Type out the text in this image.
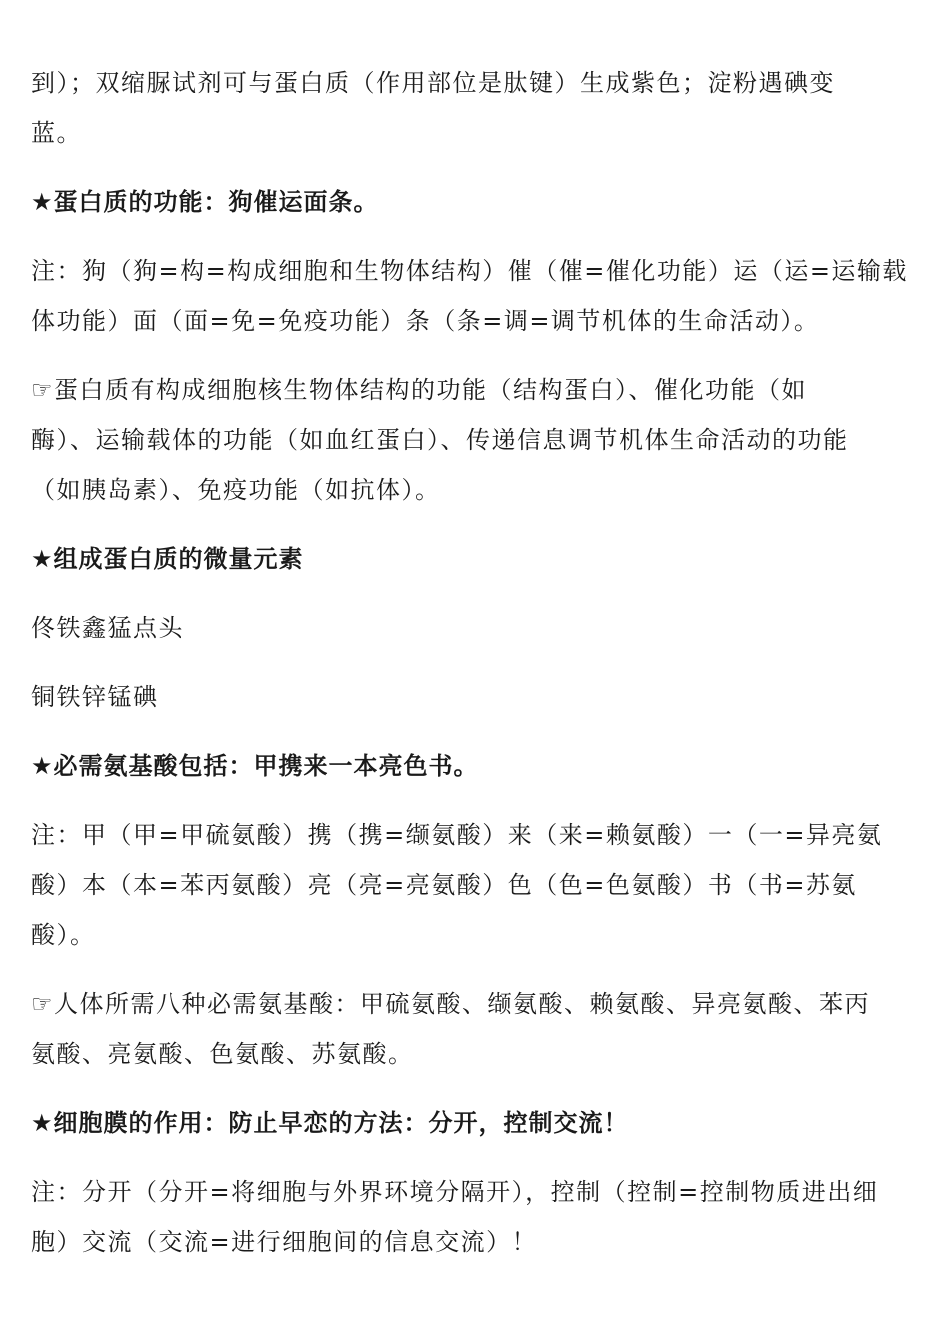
到）；双缩脲试剂可与蛋白质（作用部位是肽键）生成紫色；淀粉遇碘变
蓝。

★蛋白质的功能：狗催运面条。

注：狗（狗=构=构成细胞和生物体结构）催（催=催化功能）运（运=运输载
体功能）面（面=免=免疫功能）条（条=调=调节机体的生命活动）。

☞蛋白质有构成细胞核生物体结构的功能（结构蛋白）、催化功能（如
酶）、运输载体的功能（如血红蛋白）、传递信息调节机体生命活动的功能
（如胰岛素）、免疫功能（如抗体）。

★组成蛋白质的微量元素

佟铁鑫猛点头

铜铁锌锰碘

★必需氨基酸包括：甲携来一本亮色书。

注：甲（甲=甲硫氨酸）携（携=缬氨酸）来（来=赖氨酸）一（一=异亮氨
酸）本（本=苯丙氨酸）亮（亮=亮氨酸）色（色=色氨酸）书（书=苏氨
酸）。

☞人体所需八种必需氨基酸：甲硫氨酸、缬氨酸、赖氨酸、异亮氨酸、苯丙
氨酸、亮氨酸、色氨酸、苏氨酸。

★细胞膜的作用：防止早恋的方法：分开，控制交流！

注：分开（分开=将细胞与外界环境分隔开），控制（控制=控制物质进出细
胞）交流（交流=进行细胞间的信息交流）！
